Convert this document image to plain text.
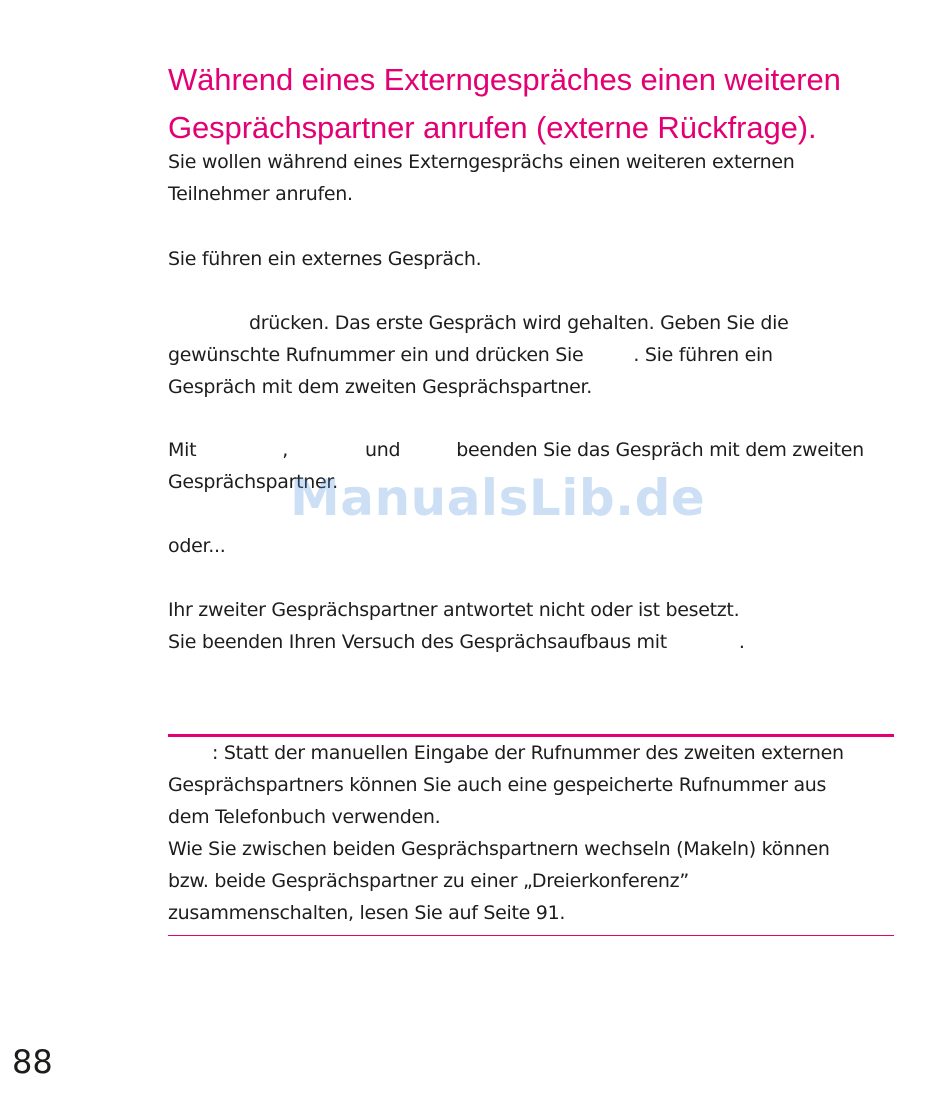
Während eines Externgespräches einen weiteren
Gesprächspartner anrufen (externe Rückfrage).

Sie wollen während eines Externgesprächs einen weiteren externen
Teilnehmer anrufen.

Sie führen ein externes Gespräch.

drücken. Das erste Gespräch wird gehalten. Geben Sie die
gewünschte Rufnummer ein und drücken Sie	. Sie führen ein
Gespräch mit dem zweiten Gesprächspartner.

Mit	,	und	beenden Sie das Gespräch mit dem zweiten
Gesprächspartner.

oder...

Ihr zweiter Gesprächspartner antwortet nicht oder ist besetzt.
Sie beenden Ihren Versuch des Gesprächsaufbaus mit	.

: Statt der manuellen Eingabe der Rufnummer des zweiten externen
Gesprächspartners können Sie auch eine gespeicherte Rufnummer aus
dem Telefonbuch verwenden.
Wie Sie zwischen beiden Gesprächspartnern wechseln (Makeln) können
bzw. beide Gesprächspartner zu einer „Dreierkonferenz”
zusammenschalten, lesen Sie auf Seite 91.

ManualsLib.de
88
